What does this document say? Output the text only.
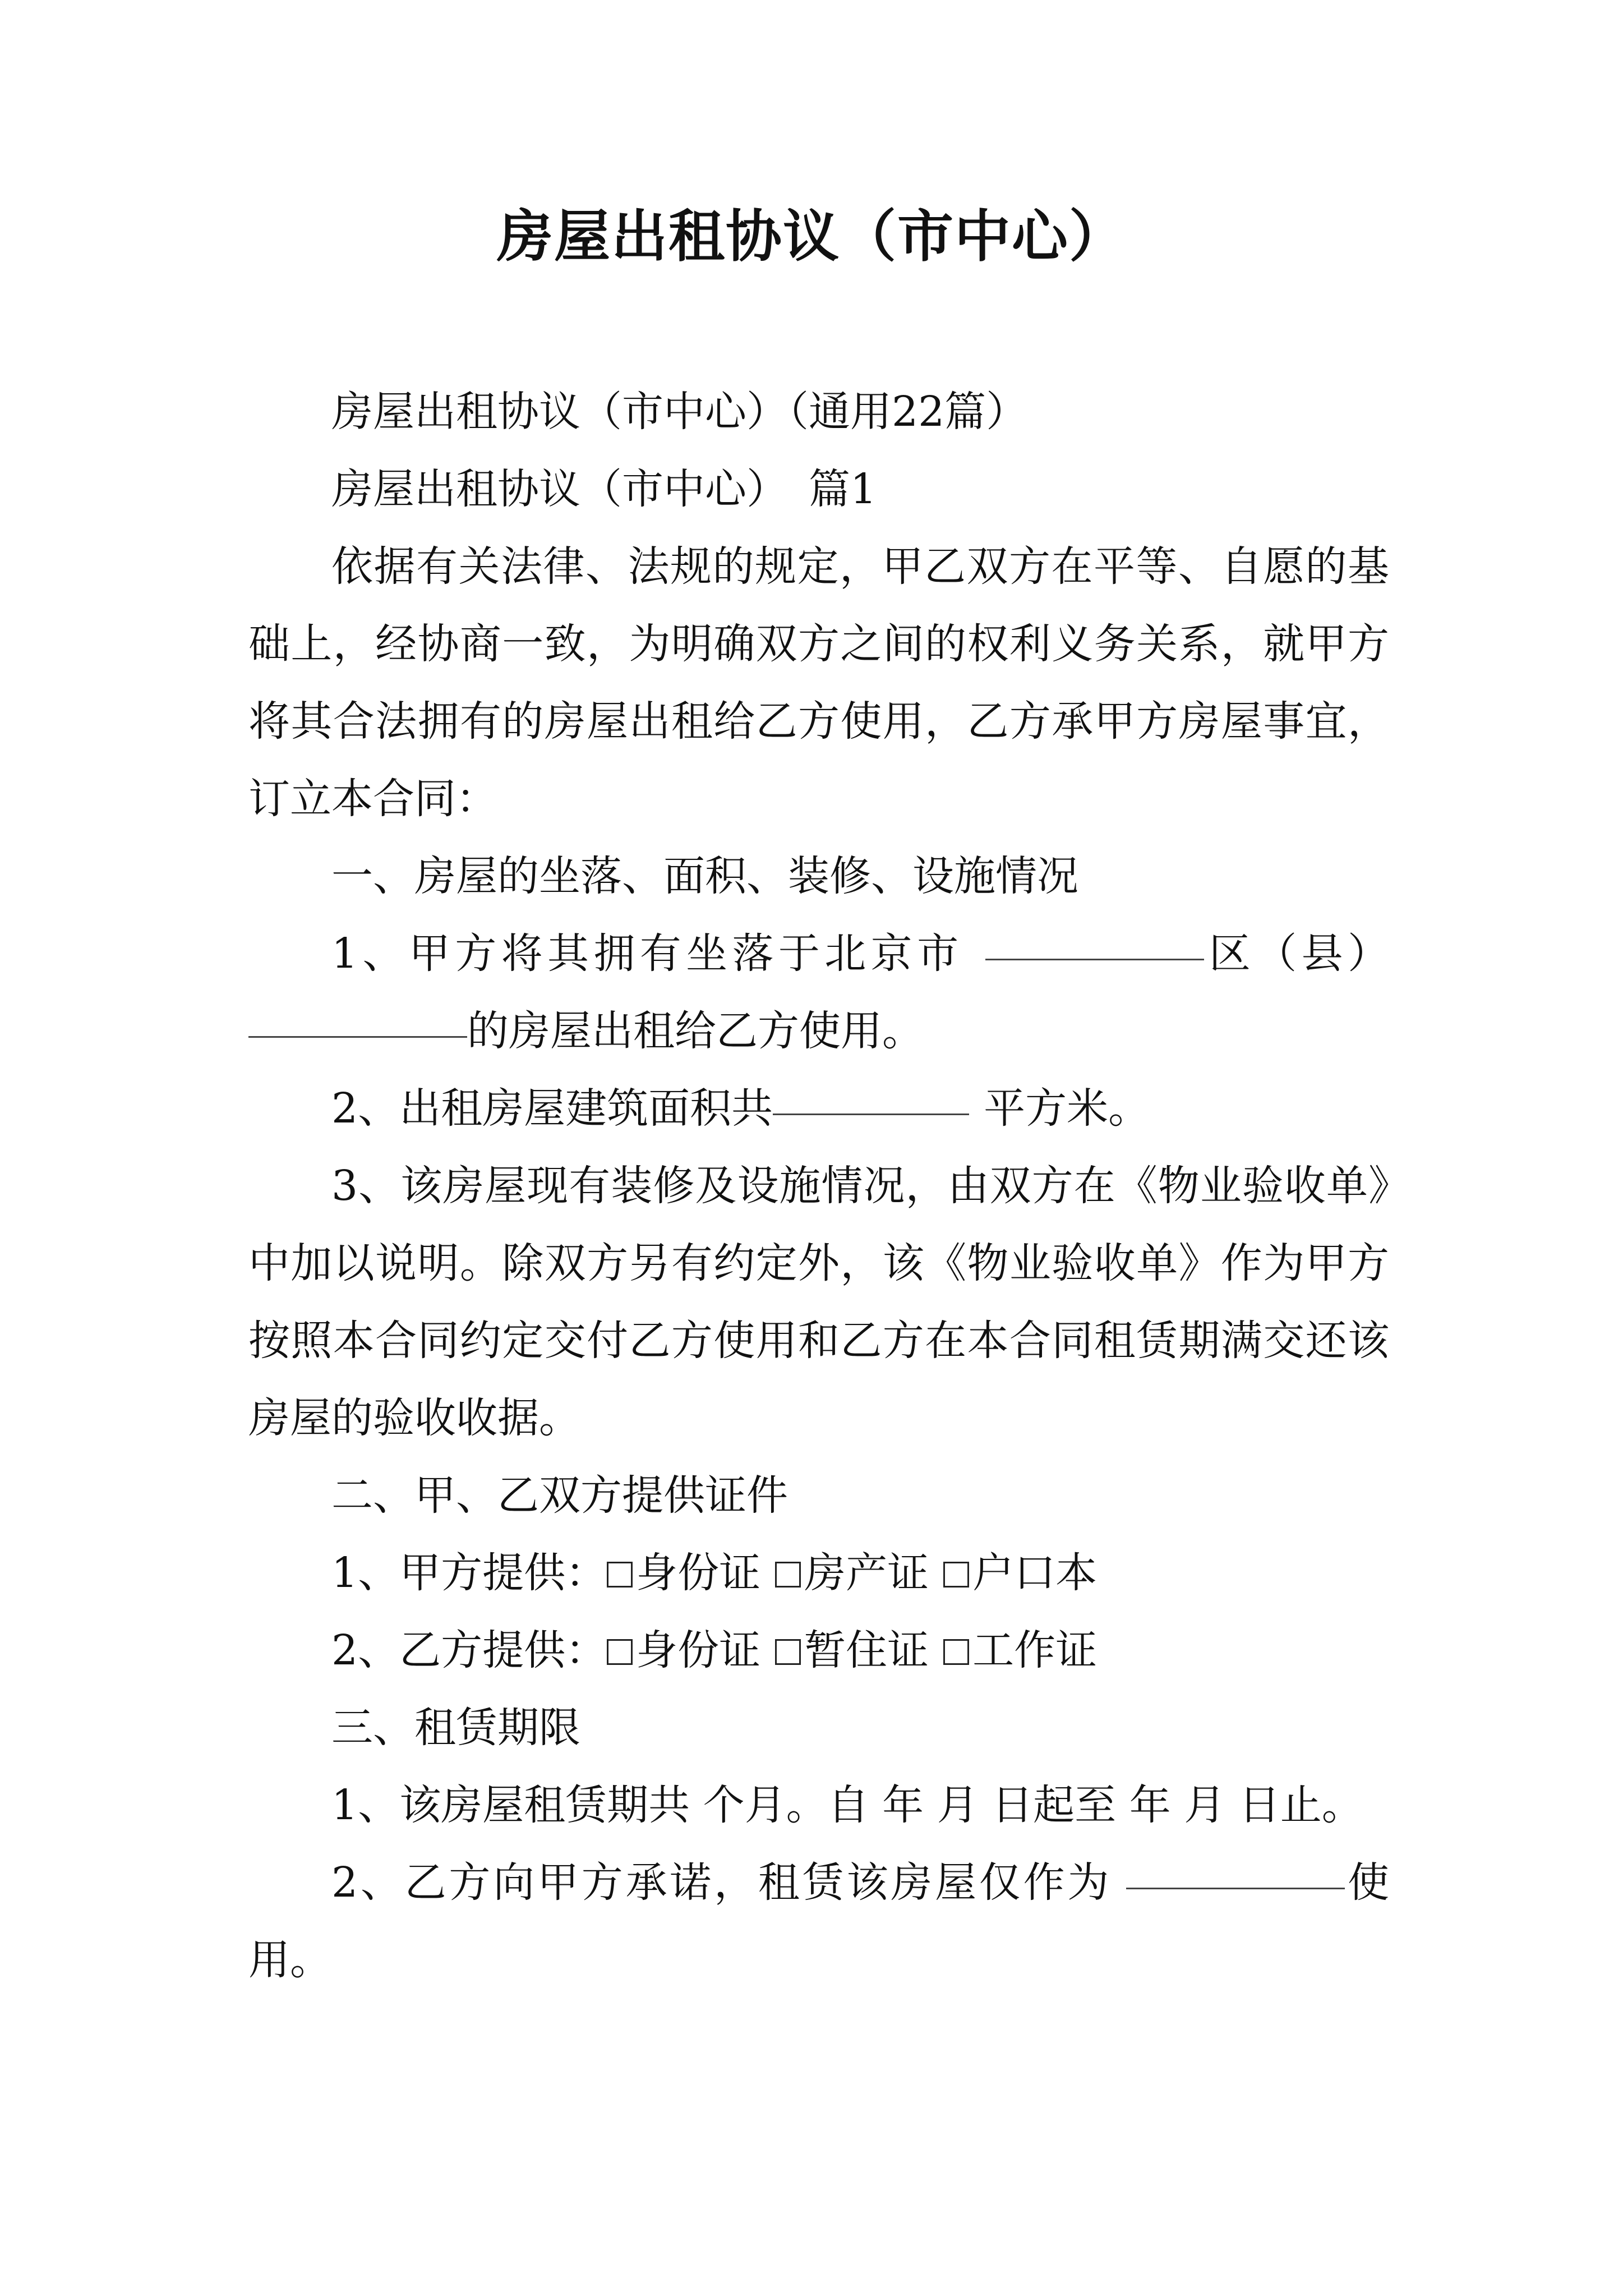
房屋出租协议（市中心）

房屋出租协议（市中心）（通用22篇）

房屋出租协议（市中心）　篇1

依据有关法律、法规的规定，甲乙双方在平等、自愿的基础上，经协商一致，为明确双方之间的权利义务关系，就甲方将其合法拥有的房屋出租给乙方使用，乙方承甲方房屋事宜，订立本合同：

一、房屋的坐落、面积、装修、设施情况

1、甲方将其拥有坐落于北京市	区（县）的房屋出租给乙方使用。

2、出租房屋建筑面积共	平方米。

3、该房屋现有装修及设施情况，由双方在《物业验收单》中加以说明。除双方另有约定外，该《物业验收单》作为甲方按照本合同约定交付乙方使用和乙方在本合同租赁期满交还该房屋的验收收据。

二、甲、乙双方提供证件

1、甲方提供： 身份证 房产证 户口本

2、乙方提供： 身份证 暂住证 工作证

三、租赁期限

1、该房屋租赁期共 个月。自 年 月 日起至 年 月 日止。

2、乙方向甲方承诺，租赁该房屋仅作为	使用。
